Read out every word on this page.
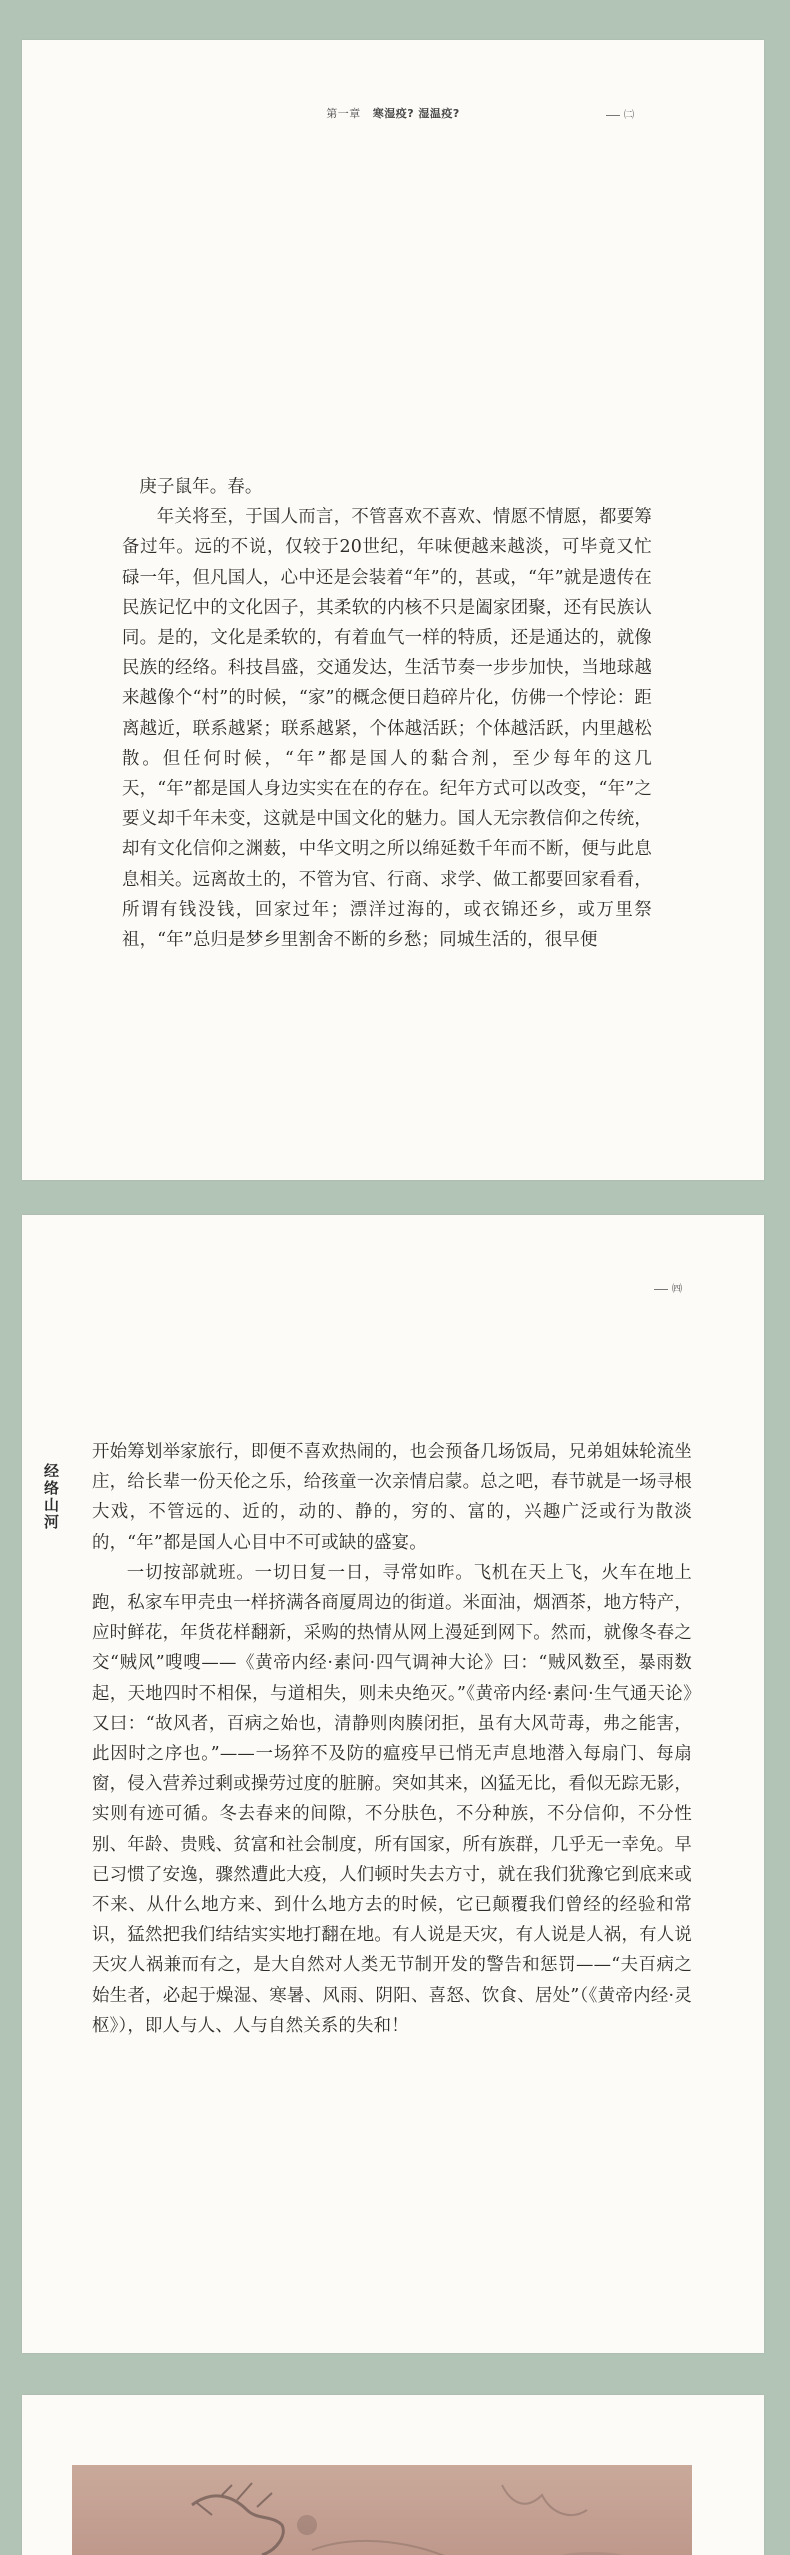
第一章 寒湿疫? 湿温疫?	㈡

庚子鼠年。春。

年关将至，于国人而言，不管喜欢不喜欢、情愿不情愿，都要筹备过年。远的不说，仅较于20世纪，年味便越来越淡，可毕竟又忙碌一年，但凡国人，心中还是会装着“年”的，甚或，“年”就是遗传在民族记忆中的文化因子，其柔软的内核不只是阖家团聚，还有民族认同。是的，文化是柔软的，有着血气一样的特质，还是通达的，就像民族的经络。科技昌盛，交通发达，生活节奏一步步加快，当地球越来越像个“村”的时候，“家”的概念便日趋碎片化，仿佛一个悖论：距离越近，联系越紧；联系越紧，个体越活跃；个体越活跃，内里越松散。但任何时候，“年”都是国人的黏合剂，至少每年的这几天，“年”都是国人身边实实在在的存在。纪年方式可以改变，“年”之要义却千年未变，这就是中国文化的魅力。国人无宗教信仰之传统，却有文化信仰之渊薮，中华文明之所以绵延数千年而不断，便与此息息相关。远离故土的，不管为官、行商、求学、做工都要回家看看，所谓有钱没钱，回家过年；漂洋过海的，或衣锦还乡，或万里祭祖，“年”总归是梦乡里割舍不断的乡愁；同城生活的，很早便

经络山河
㈣

开始筹划举家旅行，即便不喜欢热闹的，也会预备几场饭局，兄弟姐妹轮流坐庄，给长辈一份天伦之乐，给孩童一次亲情启蒙。总之吧，春节就是一场寻根大戏，不管远的、近的，动的、静的，穷的、富的，兴趣广泛或行为散淡的，“年”都是国人心目中不可或缺的盛宴。

一切按部就班。一切日复一日，寻常如昨。飞机在天上飞，火车在地上跑，私家车甲壳虫一样挤满各商厦周边的街道。米面油，烟酒茶，地方特产，应时鲜花，年货花样翻新，采购的热情从网上漫延到网下。然而，就像冬春之交“贼风”嗖嗖——《黄帝内经·素问·四气调神大论》曰：“贼风数至，暴雨数起，天地四时不相保，与道相失，则未央绝灭。”《黄帝内经·素问·生气通天论》又曰：“故风者，百病之始也，清静则肉腠闭拒，虽有大风苛毒，弗之能害，此因时之序也。”——一场猝不及防的瘟疫早已悄无声息地潜入每扇门、每扇窗，侵入营养过剩或操劳过度的脏腑。突如其来，凶猛无比，看似无踪无影，实则有迹可循。冬去春来的间隙，不分肤色，不分种族，不分信仰，不分性别、年龄、贵贱、贫富和社会制度，所有国家，所有族群，几乎无一幸免。早已习惯了安逸，骤然遭此大疫，人们顿时失去方寸，就在我们犹豫它到底来或不来、从什么地方来、到什么地方去的时候，它已颠覆我们曾经的经验和常识，猛然把我们结结实实地打翻在地。有人说是天灾，有人说是人祸，有人说天灾人祸兼而有之，是大自然对人类无节制开发的警告和惩罚——“夫百病之始生者，必起于燥湿、寒暑、风雨、阴阳、喜怒、饮食、居处”（《黄帝内经·灵枢》），即人与人、人与自然关系的失和！
